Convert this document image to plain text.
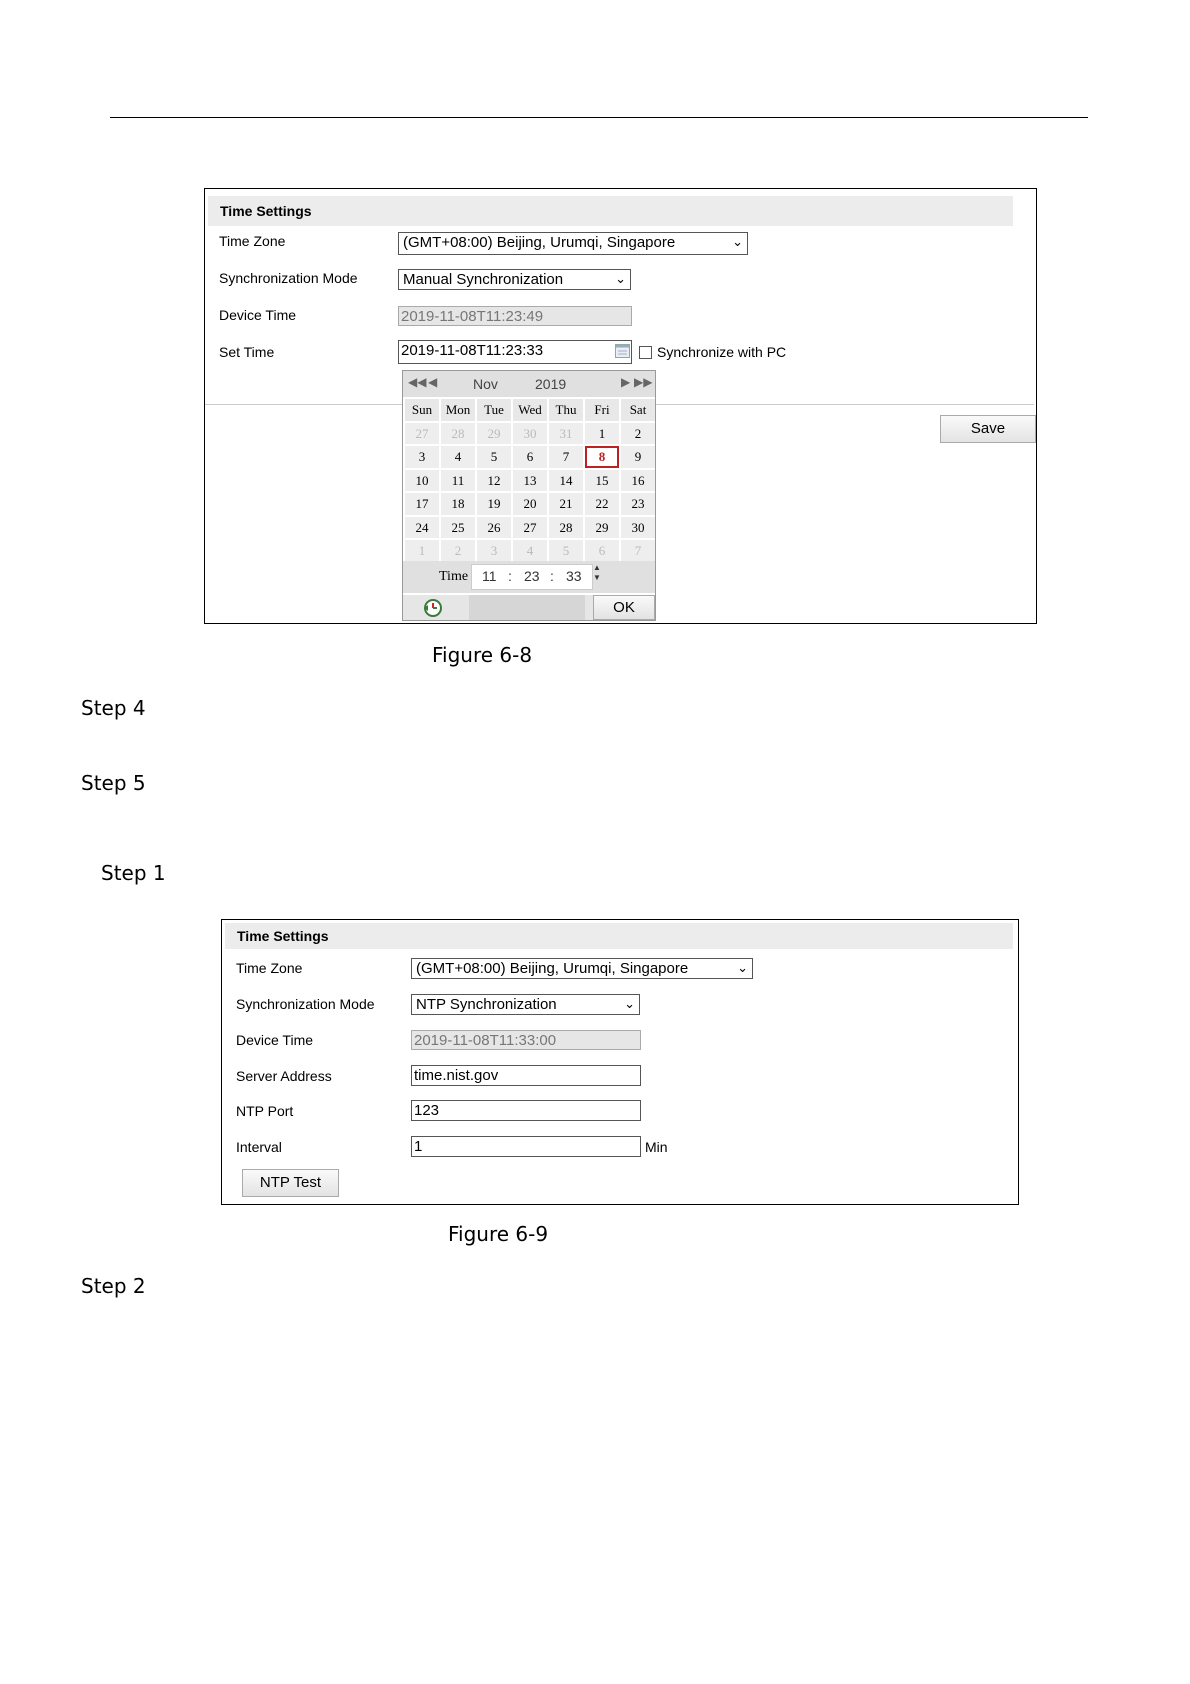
Time Settings
Time Zone	(GMT+08:00) Beijing, Urumqi, Singapore	⌄
Synchronization Mode	Manual Synchronization	⌄
Device Time	2019-11-08T11:23:49
Set Time	2019-11-08T11:23:33	Synchronize with PC
Save
◀◀ ◀	Nov	2019	▶ ▶▶
Sun	Mon	Tue	Wed	Thu	Fri	Sat
27	28	29	30	31	1	2
3	4	5	6	7	8	9
10	11	12	13	14	15	16
17	18	19	20	21	22	23
24	25	26	27	28	29	30
1	2	3	4	5	6	7
Time 11 : 23 : 33
▲
▼
OK
Figure 6-8
Step 4
Step 5
Step 1
Time Settings
Time Zone	(GMT+08:00) Beijing, Urumqi, Singapore	⌄
Synchronization Mode	NTP Synchronization	⌄
Device Time	2019-11-08T11:33:00
Server Address	time.nist.gov
NTP Port	123
Interval	1	Min
NTP Test
Figure 6-9
Step 2
